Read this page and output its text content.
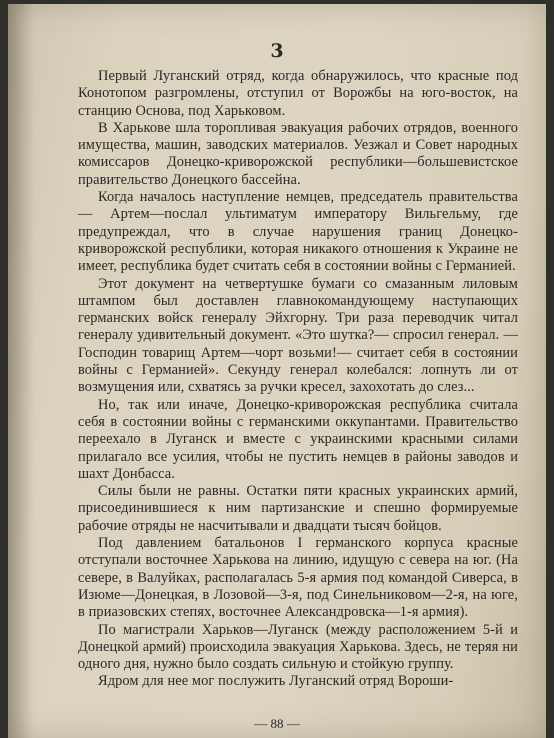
3

Первый Луганский отряд, когда обнаружилось, что красные под Конотопом разгромлены, отступил от Ворожбы на юго-восток, на станцию Основа, под Харьковом.

В Харькове шла торопливая эвакуация рабочих отрядов, военного имущества, машин, заводских материалов. Уезжал и Совет народных комиссаров Донецко-криворожской республики—большевистское правительство Донецкого бассейна.

Когда началось наступление немцев, председатель правительства — Артем—послал ультиматум императору Вильгельму, где предупреждал, что в случае нарушения границ Донецко-криворожской республики, которая никакого отношения к Украине не имеет, республика будет считать себя в состоянии войны с Германией.

Этот документ на четвертушке бумаги со смазанным лиловым штампом был доставлен главнокомандующему наступающих германских войск генералу Эйхгорну. Три раза переводчик читал генералу удивительный документ. «Это шутка?— спросил генерал. —Господин товарищ Артем—чорт возьми!— считает себя в состоянии войны с Германией». Секунду генерал колебался: лопнуть ли от возмущения или, схватясь за ручки кресел, захохотать до слез...

Но, так или иначе, Донецко-криворожская республика считала себя в состоянии войны с германскими оккупантами. Правительство переехало в Луганск и вместе с украинскими красными силами прилагало все усилия, чтобы не пустить немцев в районы заводов и шахт Донбасса.

Силы были не равны. Остатки пяти красных украинских армий, присоединившиеся к ним партизанские и спешно формируемые рабочие отряды не насчитывали и двадцати тысяч бойцов.

Под давлением батальонов I германского корпуса красные отступали восточнее Харькова на линию, идущую с севера на юг. (На севере, в Валуйках, располагалась 5-я армия под командой Сиверса, в Изюме—Донецкая, в Лозовой—3-я, под Синельниковом—2-я, на юге, в приазовских степях, восточнее Александровска—1-я армия).

По магистрали Харьков—Луганск (между расположением 5-й и Донецкой армий) происходила эвакуация Харькова. Здесь, не теряя ни одного дня, нужно было создать сильную и стойкую группу.

Ядром для нее мог послужить Луганский отряд Вороши-

— 88 —
